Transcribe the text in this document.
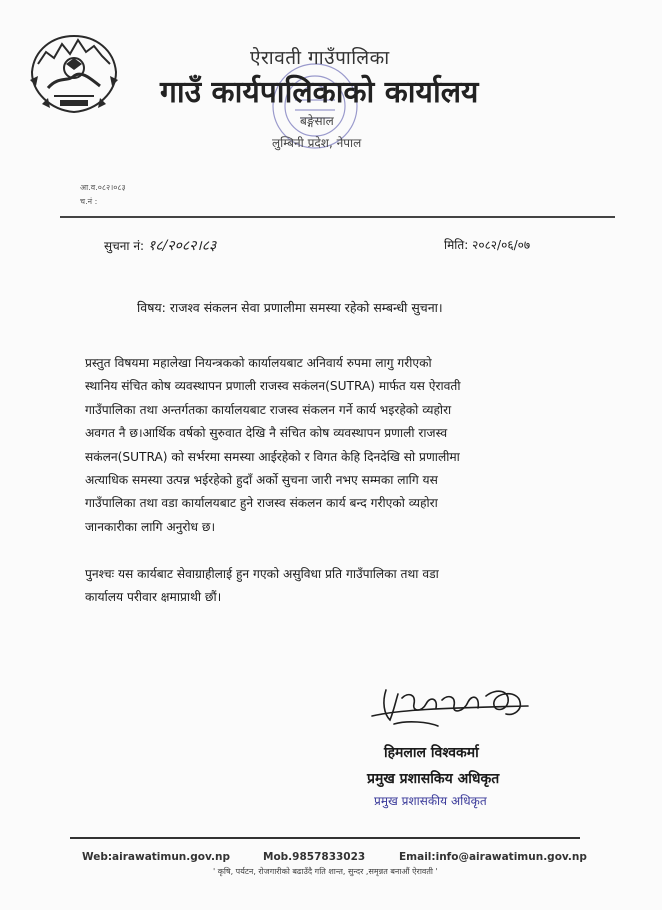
ऐरावती गाउँपालिका
गाउँ कार्यपालिकाको कार्यालय
बङ्गेसाल
लुम्बिनी प्रदेश, नेपाल
आ.व.०८२।०८३
च.नं :
सुचना नं: १८/२०८२।८३	मिति: २०८२/०६/०७
विषय: राजश्व संकलन सेवा प्रणालीमा समस्या रहेको सम्बन्धी सुचना।

प्रस्तुत विषयमा महालेखा नियन्त्रकको कार्यालयबाट अनिवार्य रुपमा लागु गरीएको

स्थानिय संचित कोष व्यवस्थापन प्रणाली राजस्व सकंलन(SUTRA) मार्फत यस ऐरावती

गाउँपालिका तथा अन्तर्गतका कार्यालयबाट राजस्व संकलन गर्ने कार्य भइरहेको व्यहोरा

अवगत नै छ।आर्थिक वर्षको सुरुवात देखि नै संचित कोष व्यवस्थापन प्रणाली राजस्व

सकंलन(SUTRA) को सर्भरमा समस्या आईरहेको र विगत केहि दिनदेखि सो प्रणालीमा

अत्याधिक समस्या उत्पन्न भईरहेको हुदाँ अर्को सुचना जारी नभए सम्मका लागि यस

गाउँपालिका तथा वडा कार्यालयबाट हुने राजस्व संकलन कार्य बन्द गरीएको व्यहोरा

जानकारीका लागि अनुरोध छ।

पुनश्चः यस कार्यबाट सेवाग्राहीलाई हुन गएको असुविधा प्रति गाउँपालिका तथा वडा

कार्यालय परीवार क्षमाप्राथी छौं।

हिमलाल विश्वकर्मा
प्रमुख प्रशासकिय अधिकृत
प्रमुख प्रशासकीय अधिकृत
Web:airawatimun.gov.np	Mob.9857833023	Email:info@airawatimun.gov.np
' कृषि, पर्यटन, रोजगारीको बढाउँदै गति शान्त, सुन्दर ,समृन्नत बनाऔं ऐरावती '
